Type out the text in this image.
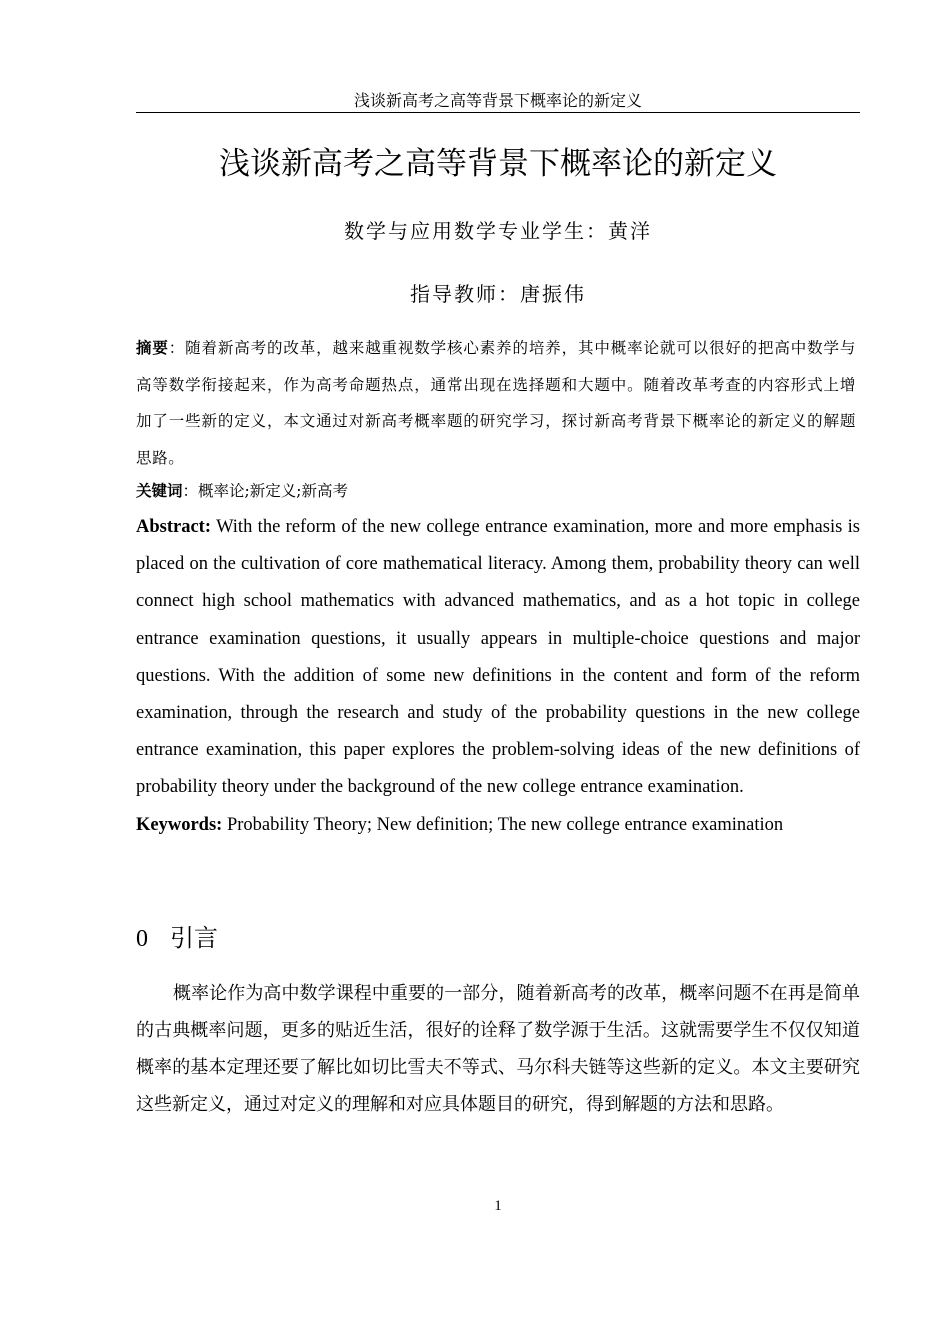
浅谈新高考之高等背景下概率论的新定义
浅谈新高考之高等背景下概率论的新定义
数学与应用数学专业学生：黄洋
指导教师：唐振伟
摘要：随着新高考的改革，越来越重视数学核心素养的培养，其中概率论就可以很好的把高中数学与高等数学衔接起来，作为高考命题热点，通常出现在选择题和大题中。随着改革考查的内容形式上增加了一些新的定义，本文通过对新高考概率题的研究学习，探讨新高考背景下概率论的新定义的解题思路。
关键词：概率论;新定义;新高考
Abstract: With the reform of the new college entrance examination, more and more emphasis is placed on the cultivation of core mathematical literacy. Among them, probability theory can well connect high school mathematics with advanced mathematics, and as a hot topic in college entrance examination questions, it usually appears in multiple-choice questions and major questions. With the addition of some new definitions in the content and form of the reform examination, through the research and study of the probability questions in the new college entrance examination, this paper explores the problem-solving ideas of the new definitions of probability theory under the background of the new college entrance examination.
Keywords: Probability Theory; New definition; The new college entrance examination
0 引言

概率论作为高中数学课程中重要的一部分，随着新高考的改革，概率问题不在再是简单的古典概率问题，更多的贴近生活，很好的诠释了数学源于生活。这就需要学生不仅仅知道概率的基本定理还要了解比如切比雪夫不等式、马尔科夫链等这些新的定义。本文主要研究这些新定义，通过对定义的理解和对应具体题目的研究，得到解题的方法和思路。

1
